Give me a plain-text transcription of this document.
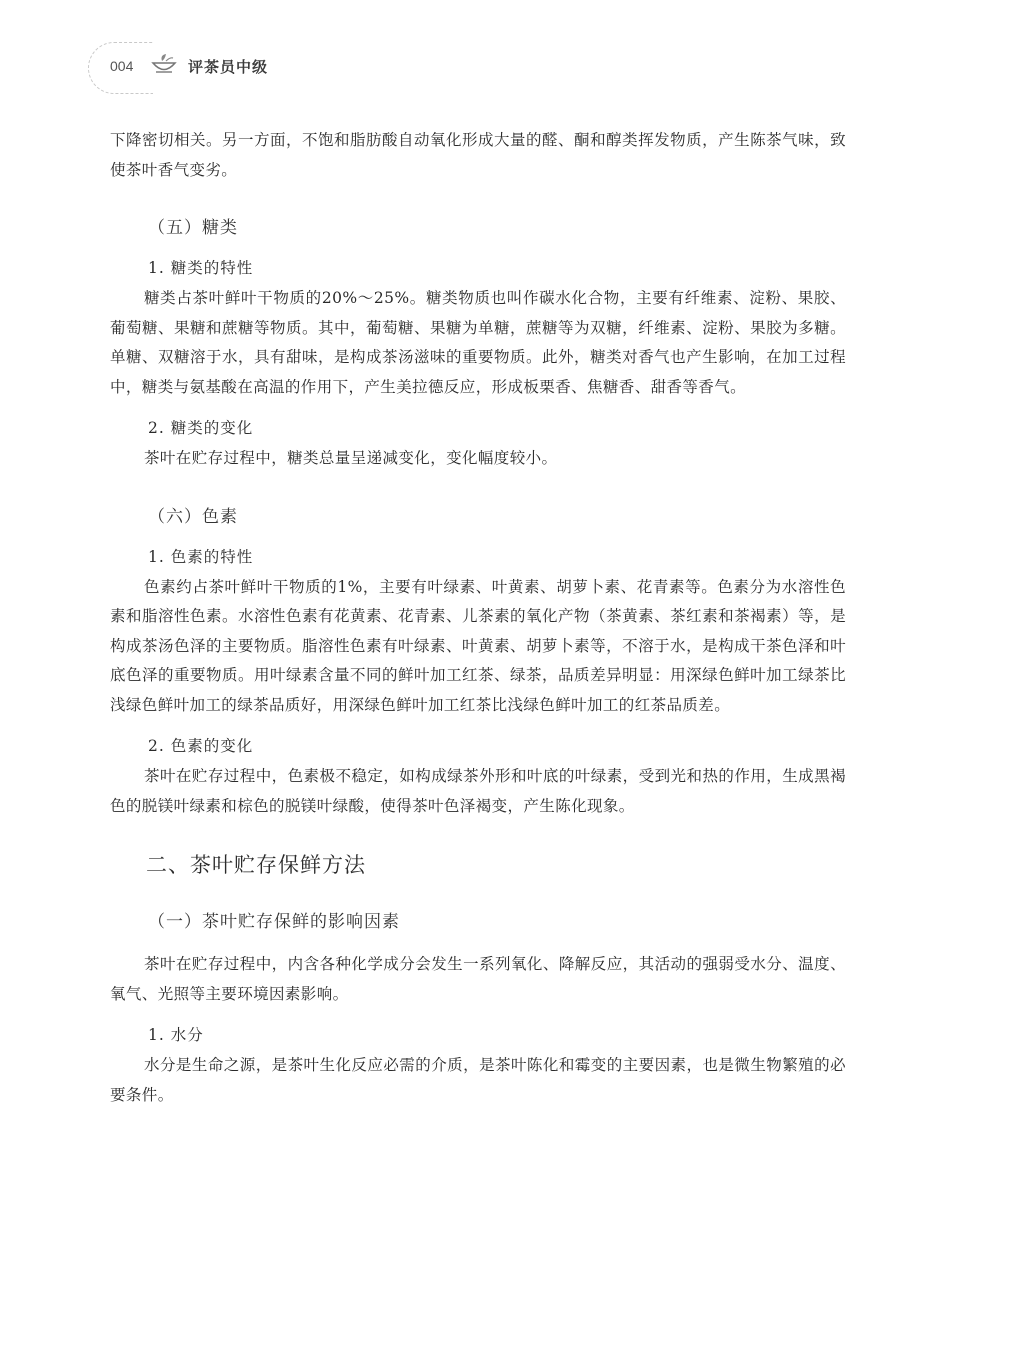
004	评茶员中级

下降密切相关。另一方面，不饱和脂肪酸自动氧化形成大量的醛、酮和醇类挥发物质，产生陈茶气味，致使茶叶香气变劣。

（五）糖类
1. 糖类的特性

糖类占茶叶鲜叶干物质的20%～25%。糖类物质也叫作碳水化合物，主要有纤维素、淀粉、果胶、葡萄糖、果糖和蔗糖等物质。其中，葡萄糖、果糖为单糖，蔗糖等为双糖，纤维素、淀粉、果胶为多糖。单糖、双糖溶于水，具有甜味，是构成茶汤滋味的重要物质。此外，糖类对香气也产生影响，在加工过程中，糖类与氨基酸在高温的作用下，产生美拉德反应，形成板栗香、焦糖香、甜香等香气。

2. 糖类的变化

茶叶在贮存过程中，糖类总量呈递减变化，变化幅度较小。

（六）色素
1. 色素的特性

色素约占茶叶鲜叶干物质的1%，主要有叶绿素、叶黄素、胡萝卜素、花青素等。色素分为水溶性色素和脂溶性色素。水溶性色素有花黄素、花青素、儿茶素的氧化产物（茶黄素、茶红素和茶褐素）等，是构成茶汤色泽的主要物质。脂溶性色素有叶绿素、叶黄素、胡萝卜素等，不溶于水，是构成干茶色泽和叶底色泽的重要物质。用叶绿素含量不同的鲜叶加工红茶、绿茶，品质差异明显：用深绿色鲜叶加工绿茶比浅绿色鲜叶加工的绿茶品质好，用深绿色鲜叶加工红茶比浅绿色鲜叶加工的红茶品质差。

2. 色素的变化

茶叶在贮存过程中，色素极不稳定，如构成绿茶外形和叶底的叶绿素，受到光和热的作用，生成黑褐色的脱镁叶绿素和棕色的脱镁叶绿酸，使得茶叶色泽褐变，产生陈化现象。

二、茶叶贮存保鲜方法
（一）茶叶贮存保鲜的影响因素

茶叶在贮存过程中，内含各种化学成分会发生一系列氧化、降解反应，其活动的强弱受水分、温度、氧气、光照等主要环境因素影响。

1. 水分

水分是生命之源，是茶叶生化反应必需的介质，是茶叶陈化和霉变的主要因素，也是微生物繁殖的必要条件。
